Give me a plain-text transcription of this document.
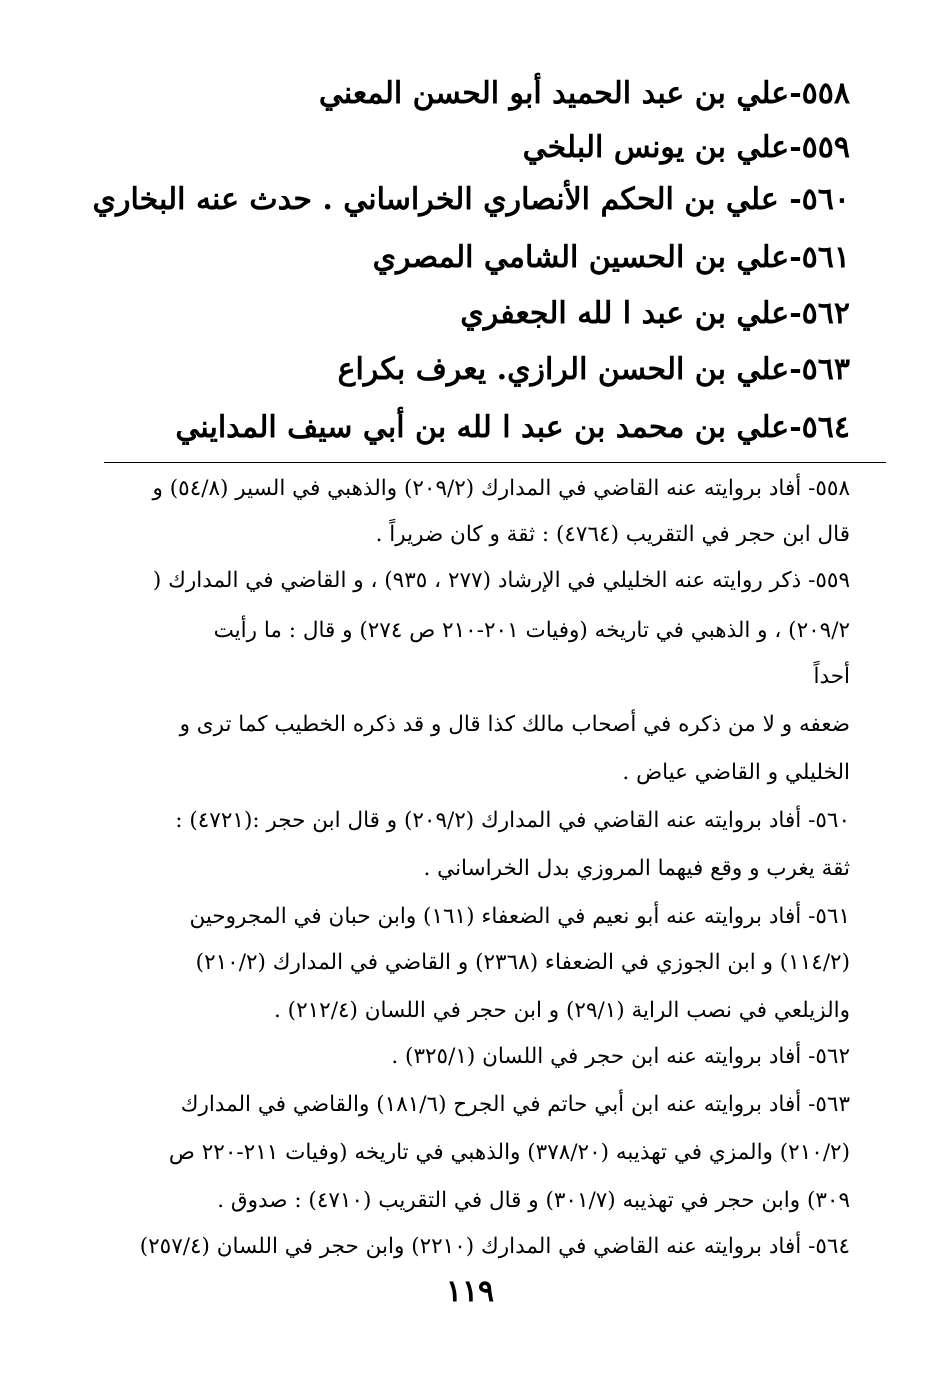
٥٥٨-علي بن عبد الحميد أبو الحسن المعني
٥٥٩-علي بن يونس البلخي
٥٦٠- علي بن الحكم الأنصاري الخراساني . حدث عنه البخاري
٥٦١-علي بن الحسين الشامي المصري
٥٦٢-علي بن عبد ا لله الجعفري
٥٦٣-علي بن الحسن الرازي. يعرف بكراع
٥٦٤-علي بن محمد بن عبد ا لله بن أبي سيف المدايني
٥٥٨- أفاد بروايته عنه القاضي في المدارك (٢٠٩/٢) والذهبي في السير (٥٤/٨) و
قال ابن حجر في التقريب (٤٧٦٤) : ثقة و كان ضريراً .
٥٥٩- ذكر روايته عنه الخليلي في الإرشاد (٢٧٧ ، ٩٣٥) ، و القاضي في المدارك (
٢٠٩/٢) ، و الذهبي في تاريخه (وفيات ٢٠١-٢١٠ ص ٢٧٤) و قال : ما رأيت
أحداً
ضعفه و لا من ذكره في أصحاب مالك كذا قال و قد ذكره الخطيب كما ترى و
الخليلي و القاضي عياض .
٥٦٠- أفاد بروايته عنه القاضي في المدارك (٢٠٩/٢) و قال ابن حجر :(٤٧٢١) :
ثقة يغرب و وقع فيهما المروزي بدل الخراساني .
٥٦١- أفاد بروايته عنه أبو نعيم في الضعفاء (١٦١) وابن حبان في المجروحين
(١١٤/٢) و ابن الجوزي في الضعفاء (٢٣٦٨) و القاضي في المدارك (٢١٠/٢)
والزيلعي في نصب الراية (٢٩/١) و ابن حجر في اللسان (٢١٢/٤) .
٥٦٢- أفاد بروايته عنه ابن حجر في اللسان (٣٢٥/١) .
٥٦٣- أفاد بروايته عنه ابن أبي حاتم في الجرح (١٨١/٦) والقاضي في المدارك
(٢١٠/٢) والمزي في تهذيبه (٣٧٨/٢٠) والذهبي في تاريخه (وفيات ٢١١-٢٢٠ ص
٣٠٩) وابن حجر في تهذيبه (٣٠١/٧) و قال في التقريب (٤٧١٠) : صدوق .
٥٦٤- أفاد بروايته عنه القاضي في المدارك (٢٢١٠) وابن حجر في اللسان (٢٥٧/٤)
١١٩
